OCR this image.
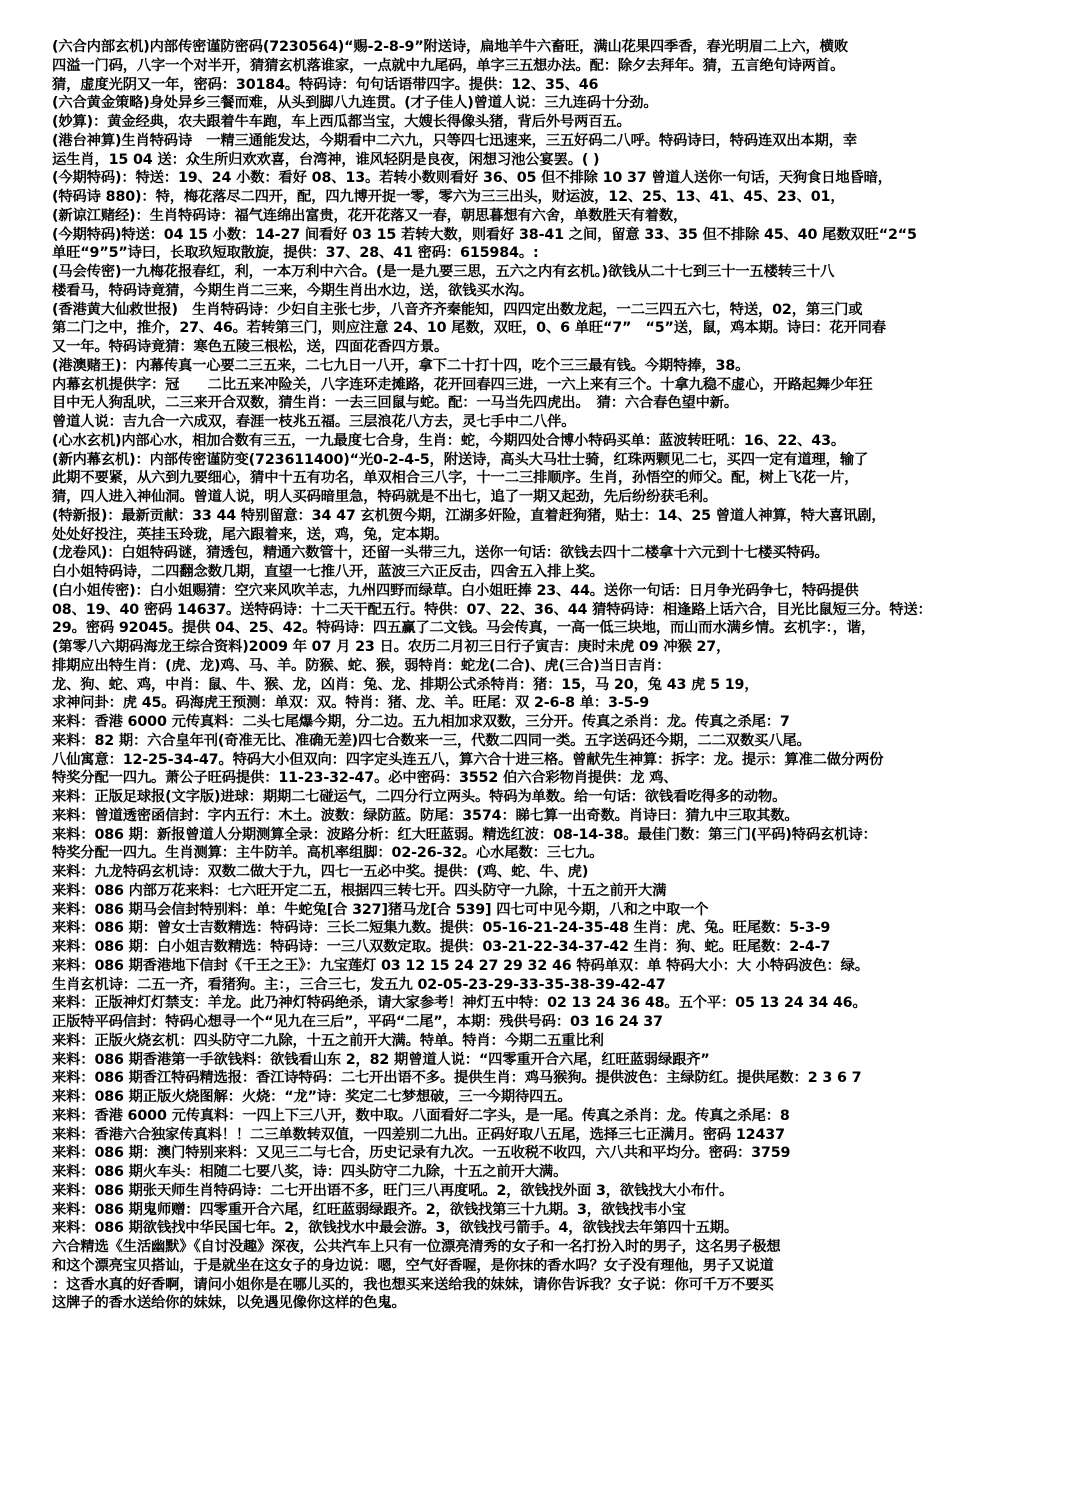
(六合内部玄机)内部传密谨防密码(7230564)“赐-2-8-9”附送诗，扁地羊牛六畜旺，满山花果四季香，春光明眉二上六，横败
四溢一门码，八字一个对半开，猜猜玄机落谁家，一点就中九尾码，单字三五想办法。配：除夕去拜年。猜，五言绝句诗两首。
猜，虚度光阴又一年，密码：30184。特码诗：句句话语带四字。提供：12、35、46
(六合黄金策略)身处异乡三餐而难，从头到脚八九连贯。(才子佳人)曾道人说：三九连码十分劲。
(妙算)：黄金经典，农夫跟着牛车跑，车上西瓜都当宝，大嫂长得像头猪，背后外号两百五。
(港台神算)生肖特码诗　一精三通能发达，今期看中二六九，只等四七迅速来，三五好码二八呼。特码诗曰，特码连双出本期，幸
运生肖，15 04 送：众生所归欢欢喜，台湾神，谁风轻阴是良夜，闲想习池公宴罢。( )
(今期特码)：特送：19、24 小数：看好 08、13。若转小数则看好 36、05 但不排除 10 37 曾道人送你一句话，天狗食日地昏暗，
(特码诗 880)：特，梅花落尽二四开，配，四九博开捉一零，零六为三三出头，财运波，12、25、13、41、45、23、01，
(新谅江赌经)：生肖特码诗：福气连绵出富贵，花开花落又一春，朝思暮想有六舍，单数胜天有着数，
(今期特码)特送：04 15 小数：14-27 间看好 03 15 若转大数，则看好 38-41 之间，留意 33、35 但不排除 45、40 尾数双旺“2“5
单旺“9”5”诗曰，长取玖短取散旋，提供：37、28、41 密码：615984。:
(马会传密)一九梅花报春红，利，一本万利中六合。(是一是九要三思，五六之内有玄机。)欲钱从二十七到三十一五楼转三十八
楼看马，特码诗竟猜，今期生肖二三来，今期生肖出水边，送，欲钱买水沟。
(香港黄大仙救世报)　生肖特码诗：少妇自主张七步，八音齐齐秦能知，四四定出数龙起，一二三四五六七，特送，02，第三门或
第二门之中，推介，27、46。若转第三门，则应注意 24、10 尾数，双旺，0、6 单旺“7”　“5”送，鼠，鸡本期。诗曰：花开同春
又一年。特码诗竟猜：寒色五陵三根松，送，四面花香四方景。
(港澳赌王)：内幕传真一心要二三五来，二七九日一八开，拿下二十打十四，吃个三三最有钱。今期特捧，38。
内幕玄机提供字：冠　　二比五来冲险关，八字连环走摊路，花开回春四三进，一六上来有三个。十拿九稳不虚心，开路起舞少年狂
目中无人狗乱吠，二三来开合双数，猜生肖：一去三回鼠与蛇。配：一马当先四虎出。　猜：六合春色望中新。
曾道人说：吉九合一六成双，春涯一枝兆五福。三层浪花八方去，灵七手中二八伴。
(心水玄机)内部心水，相加合数有三五，一九最度七合身，生肖：蛇，今期四处合博小特码买单：蓝波转旺吼：16、22、43。
(新内幕玄机)：内部传密谨防变(723611400)“光0-2-4-5，附送诗，高头大马壮士骑，红珠两颗见二七，买四一定有道理，输了
此期不要紧，从六到九要细心，猜中十五有功名，单双相合三八字，十一二三排顺序。生肖，孙悟空的师父。配，树上飞花一片，
猜，四人进入神仙洞。曾道人说，明人买码暗里急，特码就是不出七，追了一期又起劲，先后纷纷获毛利。
(特新报)：最新贡献：33 44 特别留意：34 47 玄机贺今期，江湖多奸险，直着赶狗猪，贴士：14、25 曾道人神算，特大喜讯剧，
处处好投注，英挂玉玲珑，尾六跟着来，送，鸡，兔，定本期。
(龙卷风)：白姐特码谜，猜透包，精通六数管十，还留一头带三九，送你一句话：欲钱去四十二楼拿十六元到十七楼买特码。
白小姐特码诗，二四翻念数几期，直望一七推八开，蓝波三六正反击，四舍五入排上奖。
(白小姐传密)：白小姐赐猜：空穴来风吹羊志，九州四野而绿草。白小姐旺捧 23、44。送你一句话：日月争光码争七，特码提供
08、19、40 密码 14637。送特码诗：十二天干配五行。特供：07、22、36、44 猜特码诗：相逢路上话六合，目光比鼠短三分。特送：
29。密码 92045。提供 04、25、42。特码诗：四五赢了二文钱。马会传真，一高一低三块地，而山而水满乡情。玄机字：，谐，
(第零八六期码海龙王综合资料)2009 年 07 月 23 日。农历二月初三日行子寅吉：庚时未虎 09 冲猴 27，
排期应出特生肖：(虎、龙)鸡、马、羊。防猴、蛇、猴，弱特肖：蛇龙(二合)、虎(三合)当日吉肖：
龙、狗、蛇、鸡，中肖：鼠、牛、猴、龙，凶肖：兔、龙、排期公式杀特肖：猪：15，马 20，兔 43 虎 5 19，
求神问卦：虎 45。码海虎王预测：单双：双。特肖：猪、龙、羊。旺尾：双 2-6-8 单：3-5-9
来料：香港 6000 元传真料：二头七尾爆今期，分二边。五九相加求双数，三分开。传真之杀肖：龙。传真之杀尾：7
来料：82 期：六合皇年刊(奇准无比、准确无差)四七合数来一三，代数二四同一类。五字送码还今期，二二双数买八尾。
八仙寓意：12-25-34-47。特码大小但双向：四字定头连五八，算六合十进三格。曾献先生神算：拆字：龙。提示：算准二做分两份
特奖分配一四九。萧公子旺码提供：11-23-32-47。必中密码：3552 伯六合彩物肖提供：龙 鸡、
来料：正版足球报(文字版)进球：期期二七碰运气，二四分行立两头。特码为单数。给一句话：欲钱看吃得多的动物。
来料：曾道透密函信封：字内五行：木土。波数：绿防蓝。防尾：3574：睇七算一出奇数。肖诗曰：猜九中三取其数。
来料：086 期：新报曾道人分期测算全录：波路分析：红大旺蓝弱。精选红波：08-14-38。最佳门数：第三门(平码)特码玄机诗：
特奖分配一四九。生肖测算：主牛防羊。高机率组脚：02-26-32。心水尾数：三七九。
来料：九龙特码玄机诗：双数二做大于九，四七一五必中奖。提供：(鸡、蛇、牛、虎)
来料：086 内部万花来料：七六旺开定二五，根据四三转七开。四头防守一九除，十五之前开大满
来料：086 期马会信封特别料：单：牛蛇兔[合 327]猪马龙[合 539] 四七可中见今期，八和之中取一个
来料：086 期：曾女士吉数精选：特码诗：三长二短集九数。提供：05-16-21-24-35-48 生肖：虎、兔。旺尾数：5-3-9
来料：086 期：白小姐吉数精选：特码诗：一三八双数定取。提供：03-21-22-34-37-42 生肖：狗、蛇。旺尾数：2-4-7
来料：086 期香港地下信封《千王之王》：九宝莲灯 03 12 15 24 27 29 32 46 特码单双：单 特码大小：大 小特码波色：绿。
生肖玄机诗：二五一齐，看猪狗。主：，三合三七，发五九 02-05-23-29-33-35-38-39-42-47
来料：正版神灯灯禁支：羊龙。此乃神灯特码绝杀，请大家参考！神灯五中特：02 13 24 36 48。五个平：05 13 24 34 46。
正版特平码信封：特码心想寻一个“见九在三后”，平码“二尾”，本期：残供号码：03 16 24 37
来料：正版火烧玄机：四头防守二九除，十五之前开大满。特单。特肖：今期二五重比利
来料：086 期香港第一手欲钱料：欲钱看山东 2，82 期曾道人说：“四零重开合六尾，红旺蓝弱绿跟齐”
来料：086 期香江特码精选报：香江诗特码：二七开出语不多。提供生肖：鸡马猴狗。提供波色：主绿防红。提供尾数：2 3 6 7
来料：086 期正版火烧图解：火烧：“龙”诗：奖定二七梦想破，三一今期待四五。
来料：香港 6000 元传真料：一四上下三八开，数中取。八面看好二字头，是一尾。传真之杀肖：龙。传真之杀尾：8
来料：香港六合独家传真料！！二三单数转双值，一四差别二九出。正码好取八五尾，选择三七正满月。密码 12437
来料：086 期：澳门特别来料：又见三二与七合，历史记录有九次。一五收税不收四，六八共和平均分。密码：3759
来料：086 期火车头：相随二七要八奖，诗：四头防守二九除，十五之前开大满。
来料：086 期张天师生肖特码诗：二七开出语不多，旺门三八再度吼。2，欲钱找外面 3，欲钱找大小布什。
来料：086 期鬼师赠：四零重开合六尾，红旺蓝弱绿跟齐。2，欲钱找第三十九期。3，欲钱找韦小宝
来料：086 期欲钱找中华民国七年。2，欲钱找水中最会游。3，欲钱找弓箭手。4，欲钱找去年第四十五期。
六合精选《生活幽默》《自讨没趣》深夜，公共汽车上只有一位漂亮清秀的女子和一名打扮入时的男子，这名男子极想
和这个漂亮宝贝搭讪，于是就坐在这女子的身边说：嗯，空气好香喔，是你抹的香水吗？女子没有理他，男子又说道
：这香水真的好香啊，请问小姐你是在哪儿买的，我也想买来送给我的妹妹，请你告诉我？女子说：你可千万不要买
这牌子的香水送给你的妹妹，以免遇见像你这样的色鬼。
